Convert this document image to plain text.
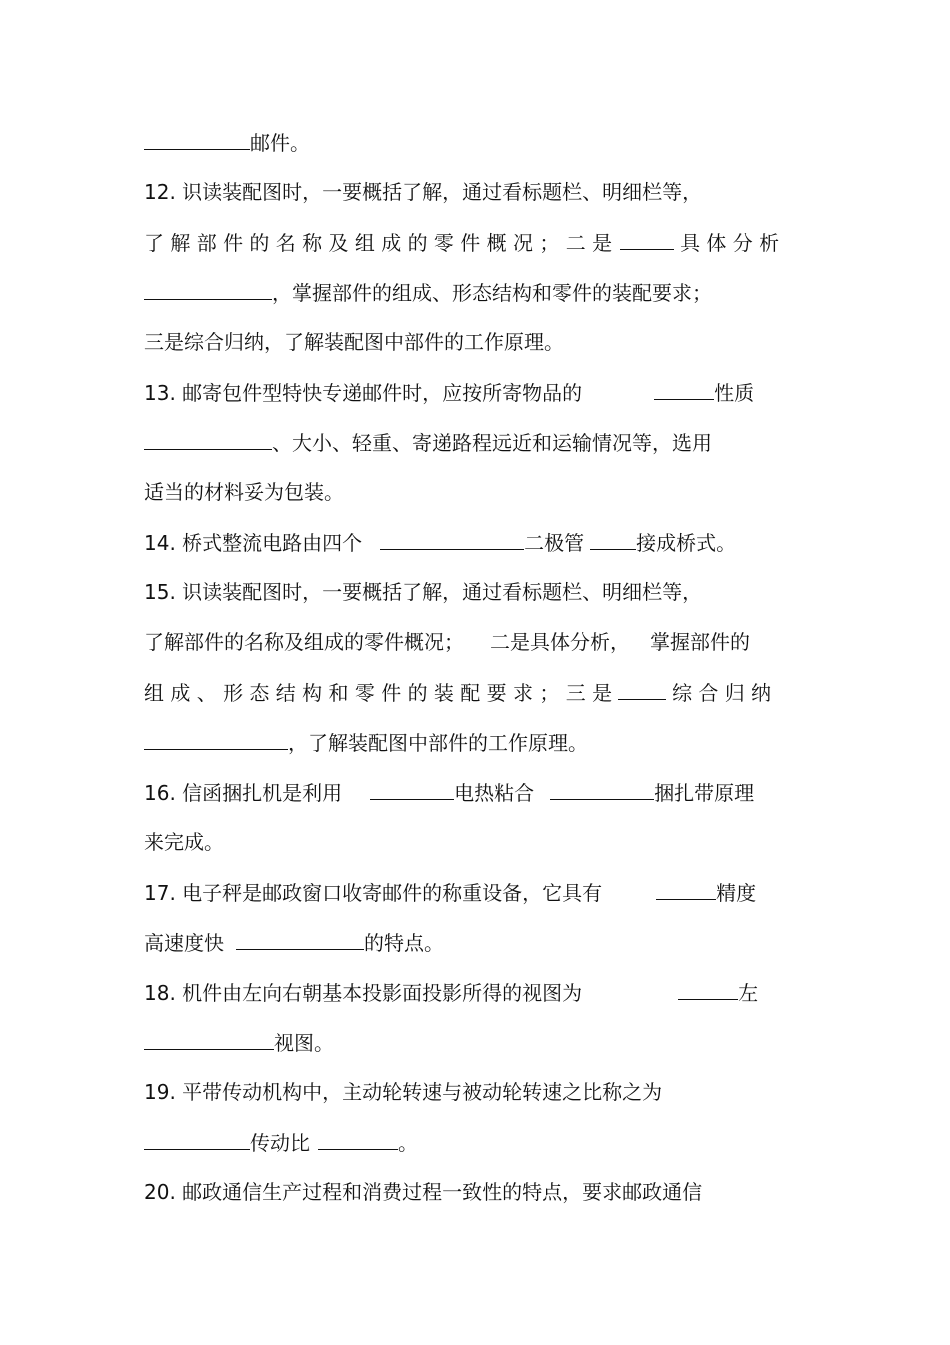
邮件。
12. 识读装配图时，一要概括了解，通过看标题栏、明细栏等，
了 解 部 件 的 名 称 及 组 成 的 零 件 概 况 ； 二 是	具 体 分 析
，掌握部件的组成、形态结构和零件的装配要求；
三是综合归纳，了解装配图中部件的工作原理。
13. 邮寄包件型特快专递邮件时，应按所寄物品的	性质
、大小、轻重、寄递路程远近和运输情况等，选用
适当的材料妥为包装。
14. 桥式整流电路由四个	二极管	接成桥式。
15. 识读装配图时，一要概括了解，通过看标题栏、明细栏等，
了解部件的名称及组成的零件概况； 二是具体分析， 掌握部件的
组 成 、 形 态 结 构 和 零 件 的 装 配 要 求 ； 三 是	综 合 归 纳
，了解装配图中部件的工作原理。
16. 信函捆扎机是利用	电热粘合	捆扎带原理
来完成。
17. 电子秤是邮政窗口收寄邮件的称重设备，它具有	精度
高速度快	的特点。
18. 机件由左向右朝基本投影面投影所得的视图为	左
视图。
19. 平带传动机构中，主动轮转速与被动轮转速之比称之为
传动比	。
20. 邮政通信生产过程和消费过程一致性的特点，要求邮政通信
